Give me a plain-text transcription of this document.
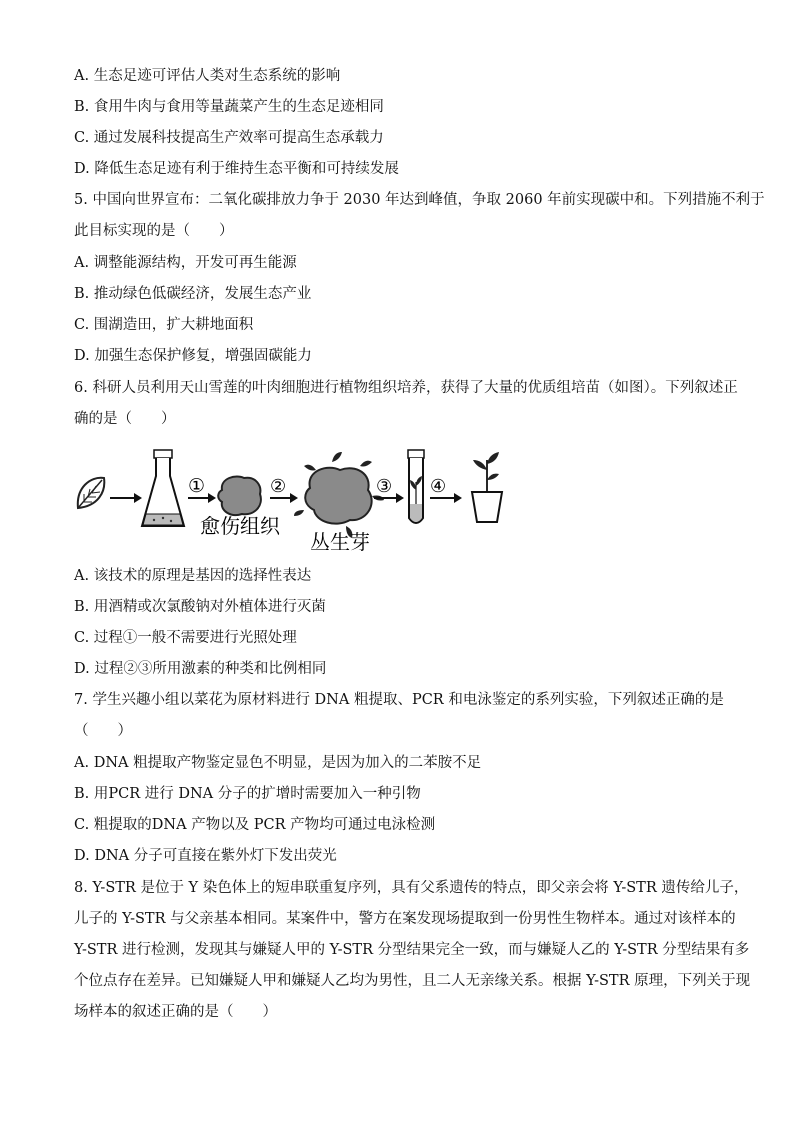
A. 生态足迹可评估人类对生态系统的影响
B. 食用牛肉与食用等量蔬菜产生的生态足迹相同
C. 通过发展科技提高生产效率可提高生态承载力
D. 降低生态足迹有利于维持生态平衡和可持续发展
5. 中国向世界宣布：二氧化碳排放力争于 2030 年达到峰值，争取 2060 年前实现碳中和。下列措施不利于
此目标实现的是（　　）
A. 调整能源结构，开发可再生能源
B. 推动绿色低碳经济，发展生态产业
C. 围湖造田，扩大耕地面积
D. 加强生态保护修复，增强固碳能力
6. 科研人员利用天山雪莲的叶肉细胞进行植物组织培养，获得了大量的优质组培苗（如图）。下列叙述正
确的是（　　）
①	②	③ ④
愈伤组织
丛生芽
A. 该技术的原理是基因的选择性表达
B. 用酒精或次氯酸钠对外植体进行灭菌
C. 过程①一般不需要进行光照处理
D. 过程②③所用激素的种类和比例相同
7. 学生兴趣小组以菜花为原材料进行 DNA 粗提取、PCR 和电泳鉴定的系列实验，下列叙述正确的是
（　　）
A. DNA 粗提取产物鉴定显色不明显，是因为加入的二苯胺不足
B. 用PCR 进行 DNA 分子的扩增时需要加入一种引物
C. 粗提取的DNA 产物以及 PCR 产物均可通过电泳检测
D. DNA 分子可直接在紫外灯下发出荧光
8. Y-STR 是位于 Y 染色体上的短串联重复序列，具有父系遗传的特点，即父亲会将 Y-STR 遗传给儿子，
儿子的 Y-STR 与父亲基本相同。某案件中，警方在案发现场提取到一份男性生物样本。通过对该样本的
Y-STR 进行检测，发现其与嫌疑人甲的 Y-STR 分型结果完全一致，而与嫌疑人乙的 Y-STR 分型结果有多
个位点存在差异。已知嫌疑人甲和嫌疑人乙均为男性，且二人无亲缘关系。根据 Y-STR 原理，下列关于现
场样本的叙述正确的是（　　）
